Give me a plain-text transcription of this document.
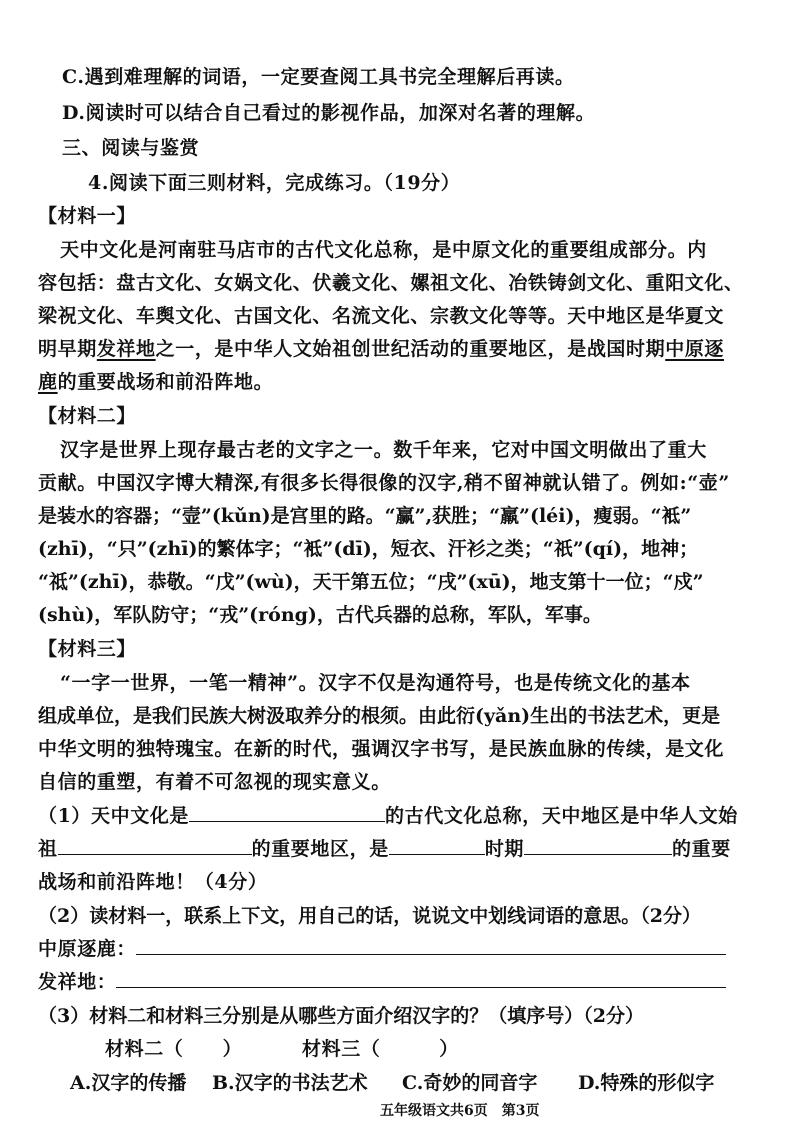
C.遇到难理解的词语，一定要查阅工具书完全理解后再读。
D.阅读时可以结合自己看过的影视作品，加深对名著的理解。
三、阅读与鉴赏
4.阅读下面三则材料，完成练习。（19分）
【材料一】
天中文化是河南驻马店市的古代文化总称，是中原文化的重要组成部分。内
容包括：盘古文化、女娲文化、伏羲文化、嫘祖文化、冶铁铸剑文化、重阳文化、
梁祝文化、车舆文化、古国文化、名流文化、宗教文化等等。天中地区是华夏文
明早期发祥地之一，是中华人文始祖创世纪活动的重要地区，是战国时期中原逐
鹿的重要战场和前沿阵地。
【材料二】
汉字是世界上现存最古老的文字之一。数千年来，它对中国文明做出了重大
贡献。中国汉字博大精深,有很多长得很像的汉字,稍不留神就认错了。例如:“壶”
是装水的容器；“壸”(kǔn)是宫里的路。“赢”,获胜；“羸”(léi)，瘦弱。“袛”
(zhī)，“只”(zhī)的繁体字；“袛”(dī)，短衣、汗衫之类；“祇”(qí)，地神；
“祗”(zhī)，恭敬。“戊”(wù)，天干第五位；“戌”(xū)，地支第十一位；“戍”
(shù)，军队防守；“戎”(róng)，古代兵器的总称，军队，军事。
【材料三】
“一字一世界，一笔一精神”。汉字不仅是沟通符号，也是传统文化的基本
组成单位，是我们民族大树汲取养分的根须。由此衍(yǎn)生出的书法艺术，更是
中华文明的独特瑰宝。在新的时代，强调汉字书写，是民族血脉的传续，是文化
自信的重塑，有着不可忽视的现实意义。
（1）天中文化是	的古代文化总称，天中地区是中华人文始
祖	的重要地区，是	时期	的重要
战场和前沿阵地！（4分）
（2）读材料一，联系上下文，用自己的话，说说文中划线词语的意思。（2分）
中原逐鹿：
发祥地：
（3）材料二和材料三分别是从哪些方面介绍汉字的？（填序号）（2分）
材料二（　　）	材料三（　　　）
A.汉字的传播 B.汉字的书法艺术 C.奇妙的同音字 D.特殊的形似字
五年级语文共6页　第3页
